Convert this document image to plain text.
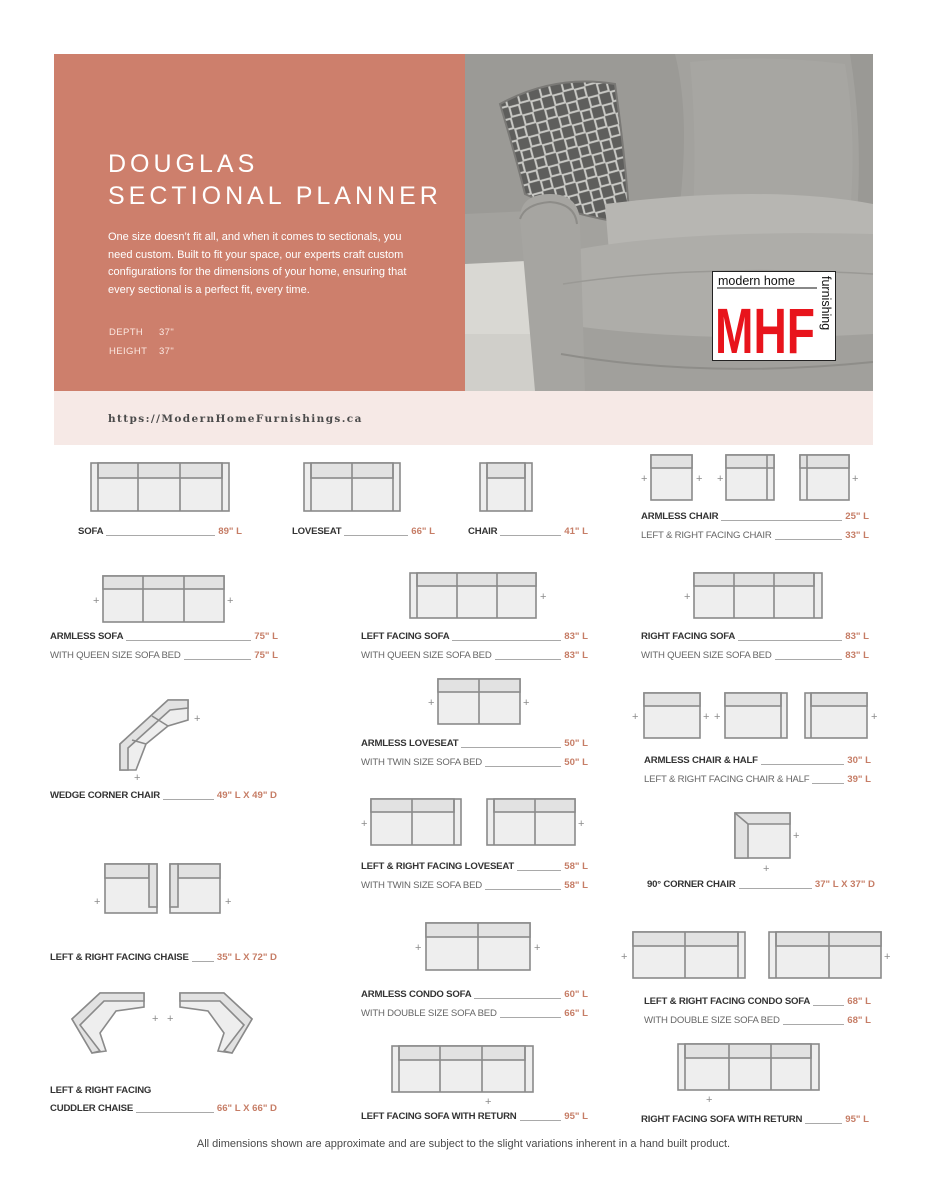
DOUGLAS
SECTIONAL PLANNER

One size doesn’t fit all, and when it comes to sectionals, you need custom. Built to fit your space, our experts craft custom configurations for the dimensions of your home, ensuring that every sectional is a perfect fit, every time.

DEPTH 37"
HEIGHT 37"
modern home
MHF furnishing
https://ModernHomeFurnishings.ca
+	+ +	+
+	+	+	+
+
+
+	+
+	+ +	+
+	+
+
+
+	+
+	+
+	+
+ +
+	+
SOFA	89" L	LOVESEAT	66" L	CHAIR	41" L
ARMLESS CHAIR	25" L
LEFT & RIGHT FACING CHAIR	33" L
ARMLESS SOFA	75" L
WITH QUEEN SIZE SOFA BED	75" L
LEFT FACING SOFA	83" L
WITH QUEEN SIZE SOFA BED	83" L
RIGHT FACING SOFA	83" L
WITH QUEEN SIZE SOFA BED	83" L
ARMLESS LOVESEAT	50" L
WITH TWIN SIZE SOFA BED	50" L	ARMLESS CHAIR & HALF	30" L
LEFT & RIGHT FACING CHAIR & HALF	39" L
WEDGE CORNER CHAIR	49" L X 49" D
LEFT & RIGHT FACING LOVESEAT	58" L
WITH TWIN SIZE SOFA BED	58" L	90° CORNER CHAIR	37" L X 37" D
LEFT & RIGHT FACING CHAISE	35" L X 72" D
ARMLESS CONDO SOFA	60" L
WITH DOUBLE SIZE SOFA BED	66" L
LEFT & RIGHT FACING CONDO SOFA	68" L
WITH DOUBLE SIZE SOFA BED	68" L
LEFT & RIGHT FACING
CUDDLER CHAISE	66" L X 66" D
LEFT FACING SOFA WITH RETURN	95" L	RIGHT FACING SOFA WITH RETURN	95" L
All dimensions shown are approximate and are subject to the slight variations inherent in a hand built product.
